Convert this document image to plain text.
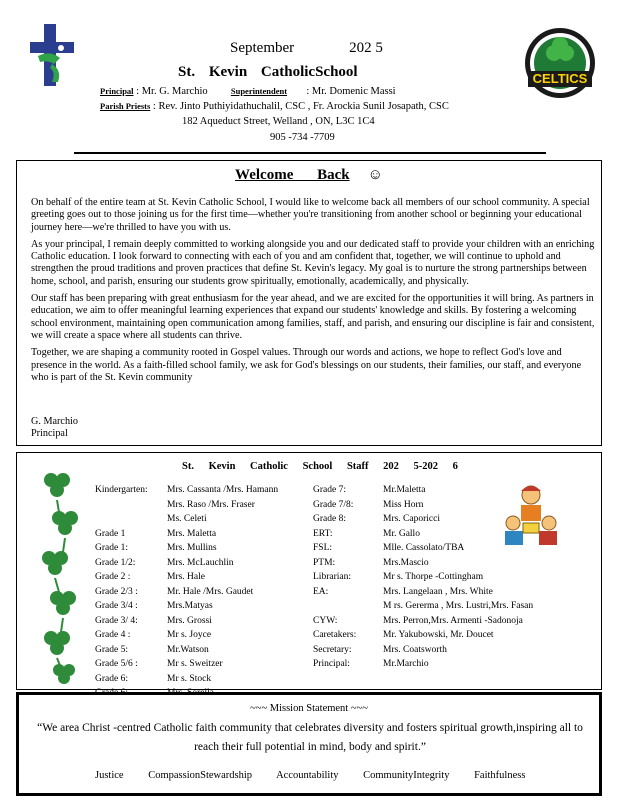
CELTICS
September	202 5
St. Kevin CatholicSchool
Principal : Mr. G. Marchio	Superintendent : Mr. Domenic Massi
Parish Priests : Rev. Jinto Puthiyidathuchalil, CSC , Fr. Arockia Sunil Josapath, CSC
182 Aqueduct Street, Welland , ON, L3C 1C4
905 -734 -7709
Welcome Back ☺

On behalf of the entire team at St. Kevin Catholic School, I would like to welcome back all members of our school community. A special greeting goes out to those joining us for the first time—whether you're transitioning from another school or beginning your educational journey here—we're thrilled to have you with us.

As your principal, I remain deeply committed to working alongside you and our dedicated staff to provide your children with an enriching Catholic education. I look forward to connecting with each of you and am confident that, together, we will continue to uphold and strengthen the proud traditions and proven practices that define St. Kevin's legacy. My goal is to nurture the strong partnerships between home, school, and parish, ensuring our students grow spiritually, emotionally, academically, and physically.

Our staff has been preparing with great enthusiasm for the year ahead, and we are excited for the opportunities it will bring. As partners in education, we aim to offer meaningful learning experiences that expand our students' knowledge and skills. By fostering a welcoming school environment, maintaining open communication among families, staff, and parish, and ensuring our discipline is fair and consistent, we will create a space where all students can thrive.

Together, we are shaping a community rooted in Gospel values. Through our words and actions, we hope to reflect God's love and presence in the world. As a faith-filled school family, we ask for God's blessings on our students, their families, our staff, and everyone who is part of the St. Kevin community

G. Marchio
Principal
St. Kevin Catholic School Staff 202 5-202 6
Kindergarten: Mrs. Cassanta /Mrs. Hamann
Mrs. Raso /Mrs. Fraser
Ms. Celeti
Grade 1	Mrs. Maletta
Grade 1:	Mrs. Mullins
Grade 1/2:	Mrs. McLauchlin
Grade 2 :	Mrs. Hale
Grade 2/3 :	Mr. Hale /Mrs. Gaudet
Grade 3/4 :	Mrs.Matyas
Grade 3/ 4:	Mrs. Grossi
Grade 4 :	Mr s. Joyce
Grade 5:	Mr.Watson
Grade 5/6 :	Mr s. Sweitzer
Grade 6:	Mr s. Stock
Grade 6:	Mrs. Sorella
Grade 7:	Mr.Maletta
Grade 7/8:	Miss Horn
Grade 8:	Mrs. Caporicci
ERT:	Mr. Gallo
FSL:	Mlle. Cassolato/TBA
PTM:	Mrs.Mascio
Librarian:	Mr s. Thorpe -Cottingham
EA:	Mrs. Langelaan , Mrs. White
M rs. Gererma , Mrs. Lustri,Mrs. Fasan
CYW:	Mrs. Perron,Mrs. Armenti -Sadonoja
Caretakers:	Mr. Yakubowski, Mr. Doucet
Secretary:	Mrs. Coatsworth
Principal:	Mr.Marchio
~~~ Mission Statement ~~~
“We area Christ -centred Catholic faith community that celebrates diversity and fosters spiritual growth,inspiring all to reach their full potential in mind, body and spirit.”
Justice CompassionStewardship Accountability CommunityIntegrity Faithfulness
